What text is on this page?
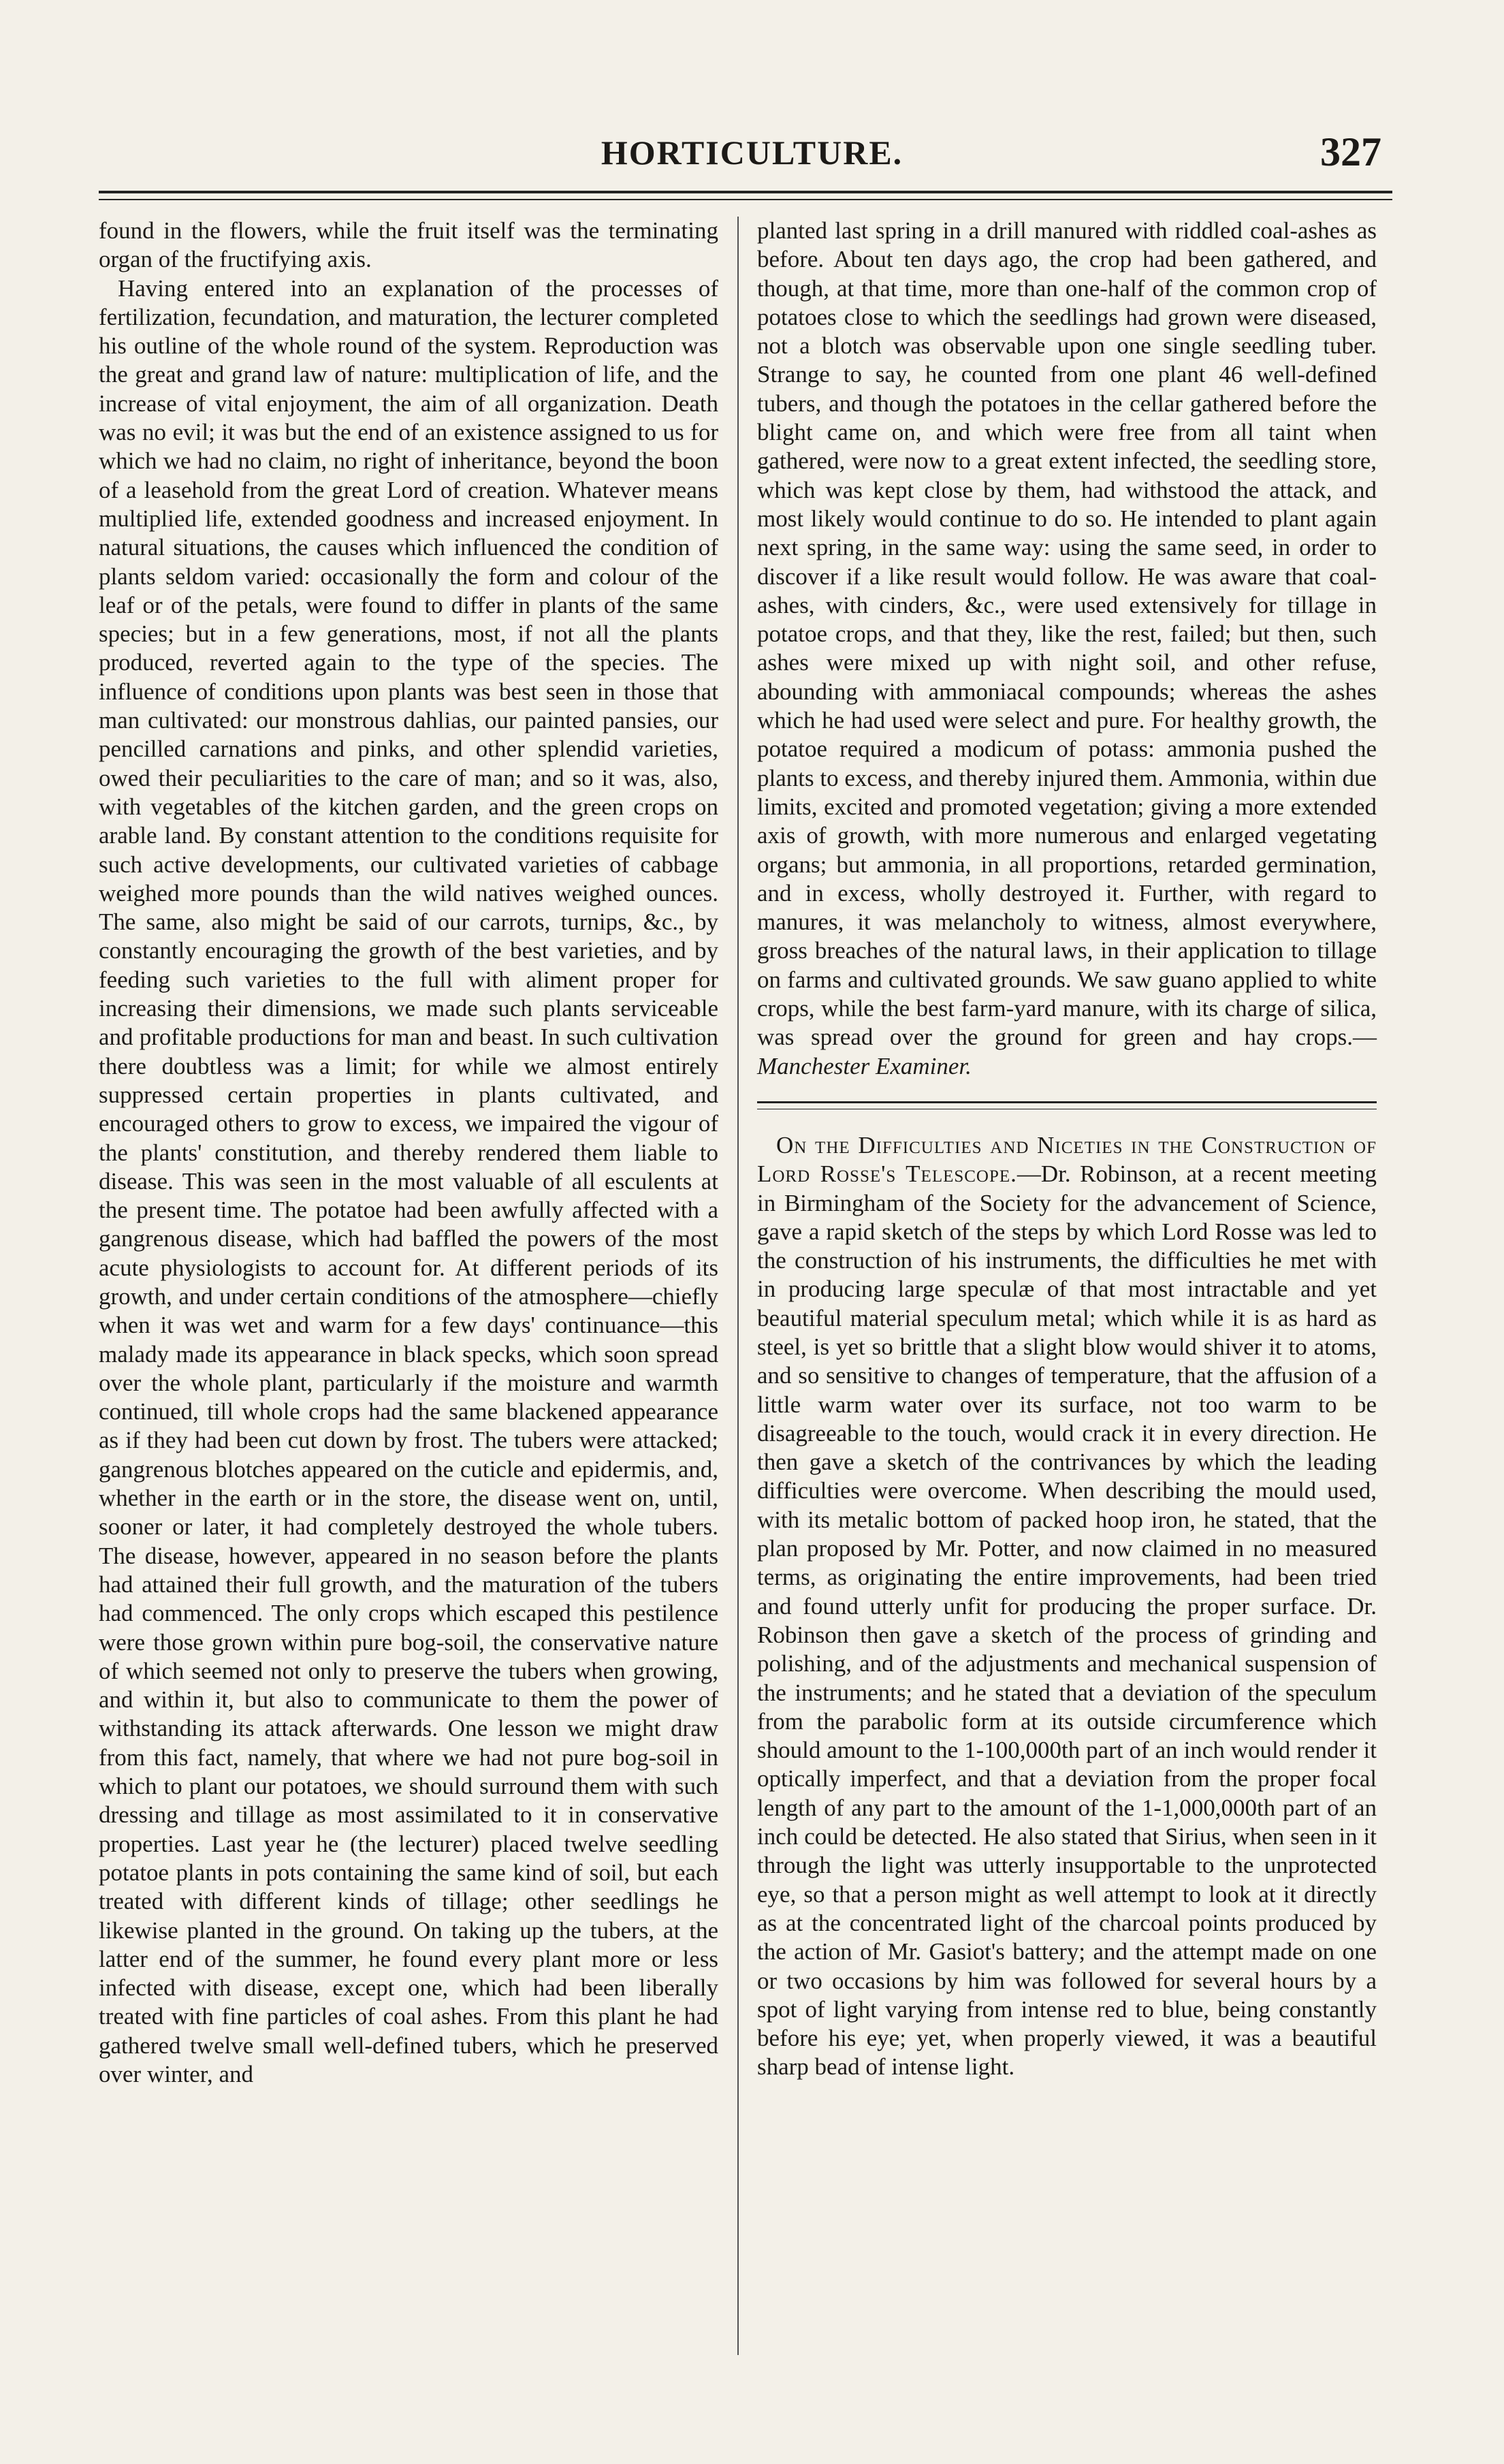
HORTICULTURE.	327

found in the flowers, while the fruit itself was the terminating organ of the fructifying axis.

Having entered into an explanation of the processes of fertilization, fecundation, and maturation, the lecturer completed his outline of the whole round of the system. Reproduction was the great and grand law of nature: multiplication of life, and the increase of vital enjoyment, the aim of all organization. Death was no evil; it was but the end of an existence assigned to us for which we had no claim, no right of inheritance, beyond the boon of a leasehold from the great Lord of creation. Whatever means multiplied life, extended goodness and increased enjoyment. In natural situations, the causes which influenced the condition of plants seldom varied: occasionally the form and colour of the leaf or of the petals, were found to differ in plants of the same species; but in a few generations, most, if not all the plants produced, reverted again to the type of the species. The influence of conditions upon plants was best seen in those that man cultivated: our monstrous dahlias, our painted pansies, our pencilled carnations and pinks, and other splendid varieties, owed their peculiarities to the care of man; and so it was, also, with vegetables of the kitchen garden, and the green crops on arable land. By constant attention to the conditions requisite for such active developments, our cultivated varieties of cabbage weighed more pounds than the wild natives weighed ounces. The same, also might be said of our carrots, turnips, &c., by constantly encouraging the growth of the best varieties, and by feeding such varieties to the full with aliment proper for increasing their dimensions, we made such plants serviceable and profitable productions for man and beast. In such cultivation there doubtless was a limit; for while we almost entirely suppressed certain properties in plants cultivated, and encouraged others to grow to excess, we impaired the vigour of the plants' constitution, and thereby rendered them liable to disease. This was seen in the most valuable of all esculents at the present time. The potatoe had been awfully affected with a gangrenous disease, which had baffled the powers of the most acute physiologists to account for. At different periods of its growth, and under certain conditions of the atmosphere—chiefly when it was wet and warm for a few days' continuance—this malady made its appearance in black specks, which soon spread over the whole plant, particularly if the moisture and warmth continued, till whole crops had the same blackened appearance as if they had been cut down by frost. The tubers were attacked; gangrenous blotches appeared on the cuticle and epidermis, and, whether in the earth or in the store, the disease went on, until, sooner or later, it had completely destroyed the whole tubers. The disease, however, appeared in no season before the plants had attained their full growth, and the maturation of the tubers had commenced. The only crops which escaped this pestilence were those grown within pure bog-soil, the conservative nature of which seemed not only to preserve the tubers when growing, and within it, but also to communicate to them the power of withstanding its attack afterwards. One lesson we might draw from this fact, namely, that where we had not pure bog-soil in which to plant our potatoes, we should surround them with such dressing and tillage as most assimilated to it in conservative properties. Last year he (the lecturer) placed twelve seedling potatoe plants in pots containing the same kind of soil, but each treated with different kinds of tillage; other seedlings he likewise planted in the ground. On taking up the tubers, at the latter end of the summer, he found every plant more or less infected with disease, except one, which had been liberally treated with fine particles of coal ashes. From this plant he had gathered twelve small well-defined tubers, which he preserved over winter, and

planted last spring in a drill manured with riddled coal-ashes as before. About ten days ago, the crop had been gathered, and though, at that time, more than one-half of the common crop of potatoes close to which the seedlings had grown were diseased, not a blotch was observable upon one single seedling tuber. Strange to say, he counted from one plant 46 well-defined tubers, and though the potatoes in the cellar gathered before the blight came on, and which were free from all taint when gathered, were now to a great extent infected, the seedling store, which was kept close by them, had withstood the attack, and most likely would continue to do so. He intended to plant again next spring, in the same way: using the same seed, in order to discover if a like result would follow. He was aware that coal-ashes, with cinders, &c., were used extensively for tillage in potatoe crops, and that they, like the rest, failed; but then, such ashes were mixed up with night soil, and other refuse, abounding with ammoniacal compounds; whereas the ashes which he had used were select and pure. For healthy growth, the potatoe required a modicum of potass: ammonia pushed the plants to excess, and thereby injured them. Ammonia, within due limits, excited and promoted vegetation; giving a more extended axis of growth, with more numerous and enlarged vegetating organs; but ammonia, in all proportions, retarded germination, and in excess, wholly destroyed it. Further, with regard to manures, it was melancholy to witness, almost everywhere, gross breaches of the natural laws, in their application to tillage on farms and cultivated grounds. We saw guano applied to white crops, while the best farm-yard manure, with its charge of silica, was spread over the ground for green and hay crops.—Manchester Examiner.

On the Difficulties and Niceties in the Construction of Lord Rosse's Telescope.—Dr. Robinson, at a recent meeting in Birmingham of the Society for the advancement of Science, gave a rapid sketch of the steps by which Lord Rosse was led to the construction of his instruments, the difficulties he met with in producing large speculæ of that most intractable and yet beautiful material speculum metal; which while it is as hard as steel, is yet so brittle that a slight blow would shiver it to atoms, and so sensitive to changes of temperature, that the affusion of a little warm water over its surface, not too warm to be disagreeable to the touch, would crack it in every direction. He then gave a sketch of the contrivances by which the leading difficulties were overcome. When describing the mould used, with its metalic bottom of packed hoop iron, he stated, that the plan proposed by Mr. Potter, and now claimed in no measured terms, as originating the entire improvements, had been tried and found utterly unfit for producing the proper surface. Dr. Robinson then gave a sketch of the process of grinding and polishing, and of the adjustments and mechanical suspension of the instruments; and he stated that a deviation of the speculum from the parabolic form at its outside circumference which should amount to the 1-100,000th part of an inch would render it optically imperfect, and that a deviation from the proper focal length of any part to the amount of the 1-1,000,000th part of an inch could be detected. He also stated that Sirius, when seen in it through the light was utterly insupportable to the unprotected eye, so that a person might as well attempt to look at it directly as at the concentrated light of the charcoal points produced by the action of Mr. Gasiot's battery; and the attempt made on one or two occasions by him was followed for several hours by a spot of light varying from intense red to blue, being constantly before his eye; yet, when properly viewed, it was a beautiful sharp bead of intense light.
